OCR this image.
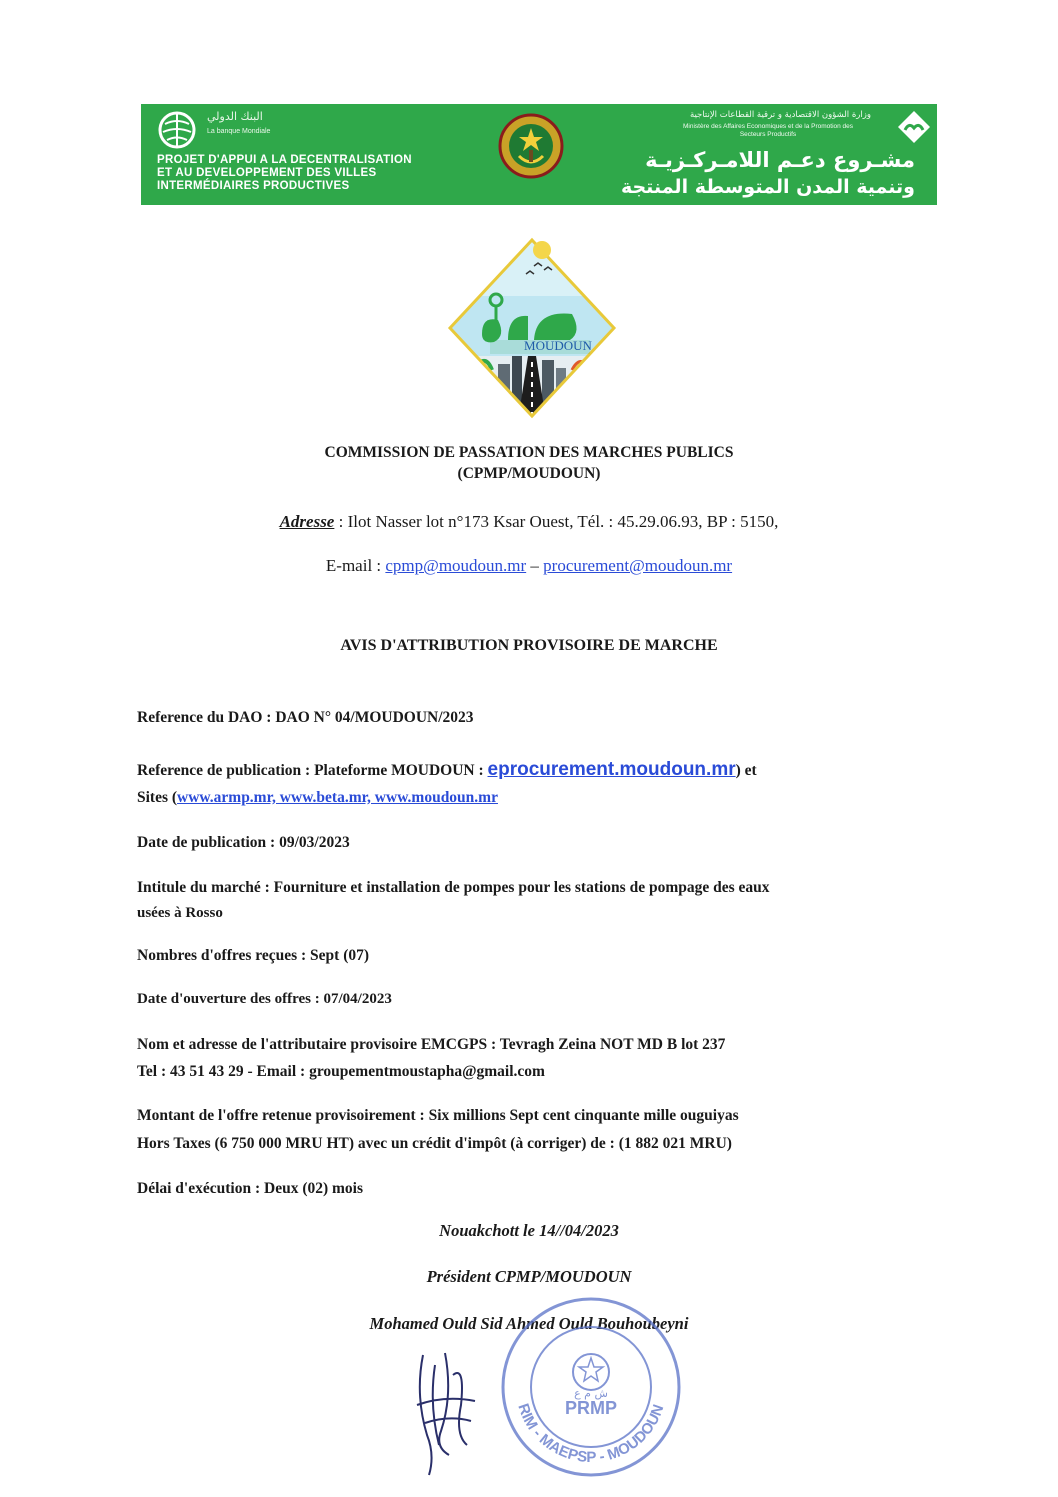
البنك الدولي
La banque Mondiale
PROJET D'APPUI A LA DECENTRALISATION
ET AU DEVELOPPEMENT DES VILLES
INTERMÉDIAIRES PRODUCTIVES
وزارة الشؤون الاقتصادية و ترقية القطاعات الإنتاجية
Ministère des Affaires Economiques et de la Promotion des Secteurs Productifs
مشـروع دعـم اللامـركـزيـة
وتنمية المدن المتوسطة المنتجة
MOUDOUN
COMMISSION DE PASSATION DES MARCHES PUBLICS
(CPMP/MOUDOUN)
Adresse : Ilot Nasser lot n°173 Ksar Ouest, Tél. : 45.29.06.93, BP : 5150,
E-mail : cpmp@moudoun.mr – procurement@moudoun.mr
AVIS D'ATTRIBUTION PROVISOIRE DE MARCHE
Reference du DAO : DAO N° 04/MOUDOUN/2023
Reference de publication : Plateforme MOUDOUN : eprocurement.moudoun.mr) et
Sites (www.armp.mr, www.beta.mr, www.moudoun.mr
Date de publication : 09/03/2023
Intitule du marché : Fourniture et installation de pompes pour les stations de pompage des eaux
usées à Rosso
Nombres d'offres reçues : Sept (07)
Date d'ouverture des offres : 07/04/2023
Nom et adresse de l'attributaire provisoire EMCGPS : Tevragh Zeina NOT MD B lot 237
Tel : 43 51 43 29 - Email : groupementmoustapha@gmail.com
Montant de l'offre retenue provisoirement : Six millions Sept cent cinquante mille ouguiyas
Hors Taxes (6 750 000 MRU HT) avec un crédit d'impôt (à corriger) de : (1 882 021 MRU)
Délai d'exécution : Deux (02) mois
Nouakchott le 14//04/2023
Président CPMP/MOUDOUN
Mohamed Ould Sid Ahmed Ould Bouhoubeyni
PRMP
ش م ع
RIM - MAEPSP - MOUDOUN
